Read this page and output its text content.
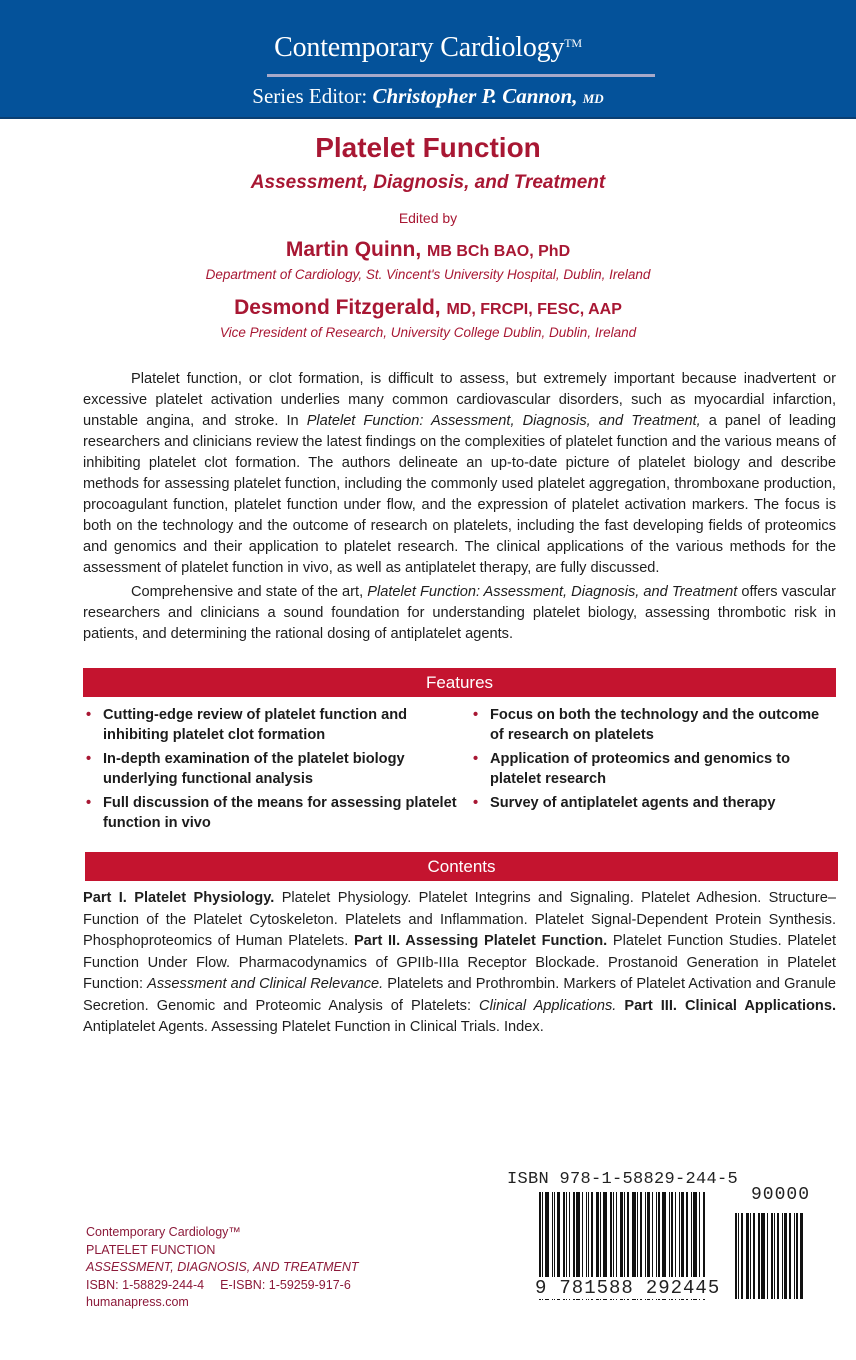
Contemporary Cardiology™
Series Editor: Christopher P. Cannon, MD
Platelet Function
Assessment, Diagnosis, and Treatment
Edited by
Martin Quinn, MB BCh BAO, PhD
Department of Cardiology, St. Vincent's University Hospital, Dublin, Ireland
Desmond Fitzgerald, MD, FRCPI, FESC, AAP
Vice President of Research, University College Dublin, Dublin, Ireland

Platelet function, or clot formation, is difficult to assess, but extremely important because inadvertent or excessive platelet activation underlies many common cardiovascular disorders, such as myocardial infarction, unstable angina, and stroke. In Platelet Function: Assessment, Diagnosis, and Treatment, a panel of leading researchers and clinicians review the latest findings on the complexities of platelet function and the various means of inhibiting platelet clot formation. The authors delineate an up-to-date picture of platelet biology and describe methods for assessing platelet function, including the commonly used platelet aggregation, thromboxane production, procoagulant function, platelet function under flow, and the expression of platelet activation markers. The focus is both on the technology and the outcome of research on platelets, including the fast developing fields of proteomics and genomics and their application to platelet research. The clinical applications of the various methods for the assessment of platelet function in vivo, as well as antiplatelet therapy, are fully discussed.

Comprehensive and state of the art, Platelet Function: Assessment, Diagnosis, and Treatment offers vascular researchers and clinicians a sound foundation for understanding platelet biology, assessing thrombotic risk in patients, and determining the rational dosing of antiplatelet agents.

Features
• Cutting-edge review of platelet function and inhibiting platelet clot formation
• Focus on both the technology and the outcome of research on platelets
• In-depth examination of the platelet biology underlying functional analysis
• Application of proteomics and genomics to platelet research
• Full discussion of the means for assessing platelet function in vivo
• Survey of antiplatelet agents and therapy
Contents
Part I. Platelet Physiology. Platelet Physiology. Platelet Integrins and Signaling. Platelet Adhesion. Structure–Function of the Platelet Cytoskeleton. Platelets and Inflammation. Platelet Signal-Dependent Protein Synthesis. Phosphoproteomics of Human Platelets. Part II. Assessing Platelet Function. Platelet Function Studies. Platelet Function Under Flow. Pharmacodynamics of GPIIb-IIIa Receptor Blockade. Prostanoid Generation in Platelet Function: Assessment and Clinical Relevance. Platelets and Prothrombin. Markers of Platelet Activation and Granule Secretion. Genomic and Proteomic Analysis of Platelets: Clinical Applications. Part III. Clinical Applications. Antiplatelet Agents. Assessing Platelet Function in Clinical Trials. Index.
Contemporary Cardiology™
PLATELET FUNCTION
ASSESSMENT, DIAGNOSIS, AND TREATMENT
ISBN: 1-58829-244-4 E-ISBN: 1-59259-917-6
humanapress.com
ISBN 978-1-58829-244-5
90000
9 781588 292445
